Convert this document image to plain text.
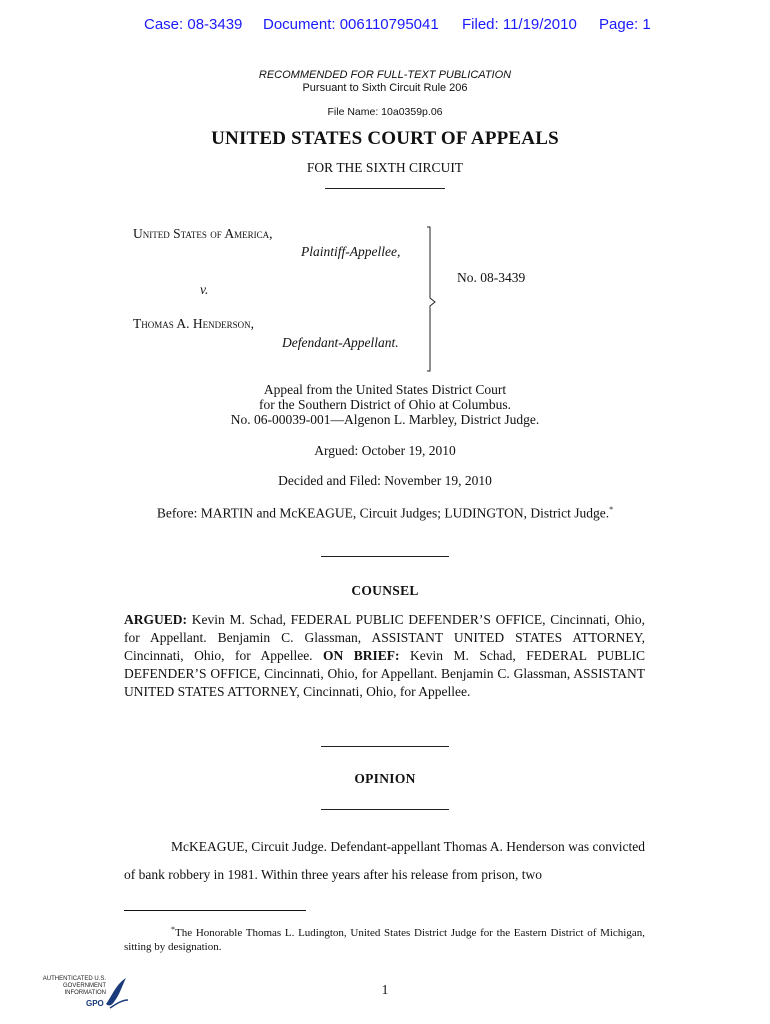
Case: 08-3439 Document: 006110795041 Filed: 11/19/2010 Page: 1
RECOMMENDED FOR FULL-TEXT PUBLICATION
Pursuant to Sixth Circuit Rule 206
File Name: 10a0359p.06
UNITED STATES COURT OF APPEALS
FOR THE SIXTH CIRCUIT
United States of America,
Plaintiff-Appellee,
v.
Thomas A. Henderson,
Defendant-Appellant.
No. 08-3439
Appeal from the United States District Court
for the Southern District of Ohio at Columbus.
No. 06-00039-001—Algenon L. Marbley, District Judge.
Argued: October 19, 2010
Decided and Filed: November 19, 2010
Before: MARTIN and McKEAGUE, Circuit Judges; LUDINGTON, District Judge.*
COUNSEL
ARGUED: Kevin M. Schad, FEDERAL PUBLIC DEFENDER’S OFFICE, Cincinnati, Ohio, for Appellant. Benjamin C. Glassman, ASSISTANT UNITED STATES ATTORNEY, Cincinnati, Ohio, for Appellee. ON BRIEF: Kevin M. Schad, FEDERAL PUBLIC DEFENDER’S OFFICE, Cincinnati, Ohio, for Appellant. Benjamin C. Glassman, ASSISTANT UNITED STATES ATTORNEY, Cincinnati, Ohio, for Appellee.
OPINION
McKEAGUE, Circuit Judge. Defendant-appellant Thomas A. Henderson was convicted of bank robbery in 1981. Within three years after his release from prison, two
*The Honorable Thomas L. Ludington, United States District Judge for the Eastern District of Michigan, sitting by designation.
1
AUTHENTICATED U.S. GOVERNMENT INFORMATION
GPO
